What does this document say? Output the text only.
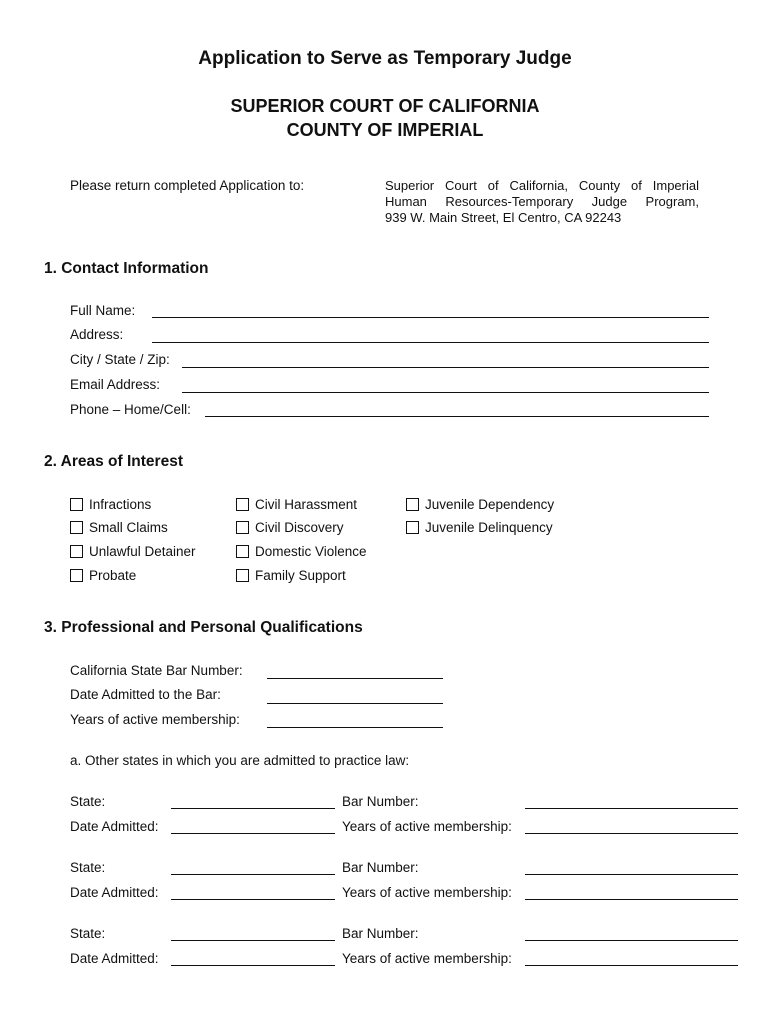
Application to Serve as Temporary Judge
SUPERIOR COURT OF CALIFORNIA
COUNTY OF IMPERIAL
Please return completed Application to:	Superior Court of California, County of Imperial
Human Resources-Temporary Judge Program,
939 W. Main Street, El Centro, CA 92243
1. Contact Information
Full Name:
Address:
City / State / Zip:
Email Address:
Phone – Home/Cell:
2. Areas of Interest
Infractions
Small Claims
Unlawful Detainer
Probate
Civil Harassment
Civil Discovery
Domestic Violence
Family Support
Juvenile Dependency
Juvenile Delinquency
3. Professional and Personal Qualifications
California State Bar Number:
Date Admitted to the Bar:
Years of active membership:
a. Other states in which you are admitted to practice law:
State:	Bar Number:
Date Admitted:	Years of active membership:
State:	Bar Number:
Date Admitted:	Years of active membership:
State:	Bar Number:
Date Admitted:	Years of active membership:
